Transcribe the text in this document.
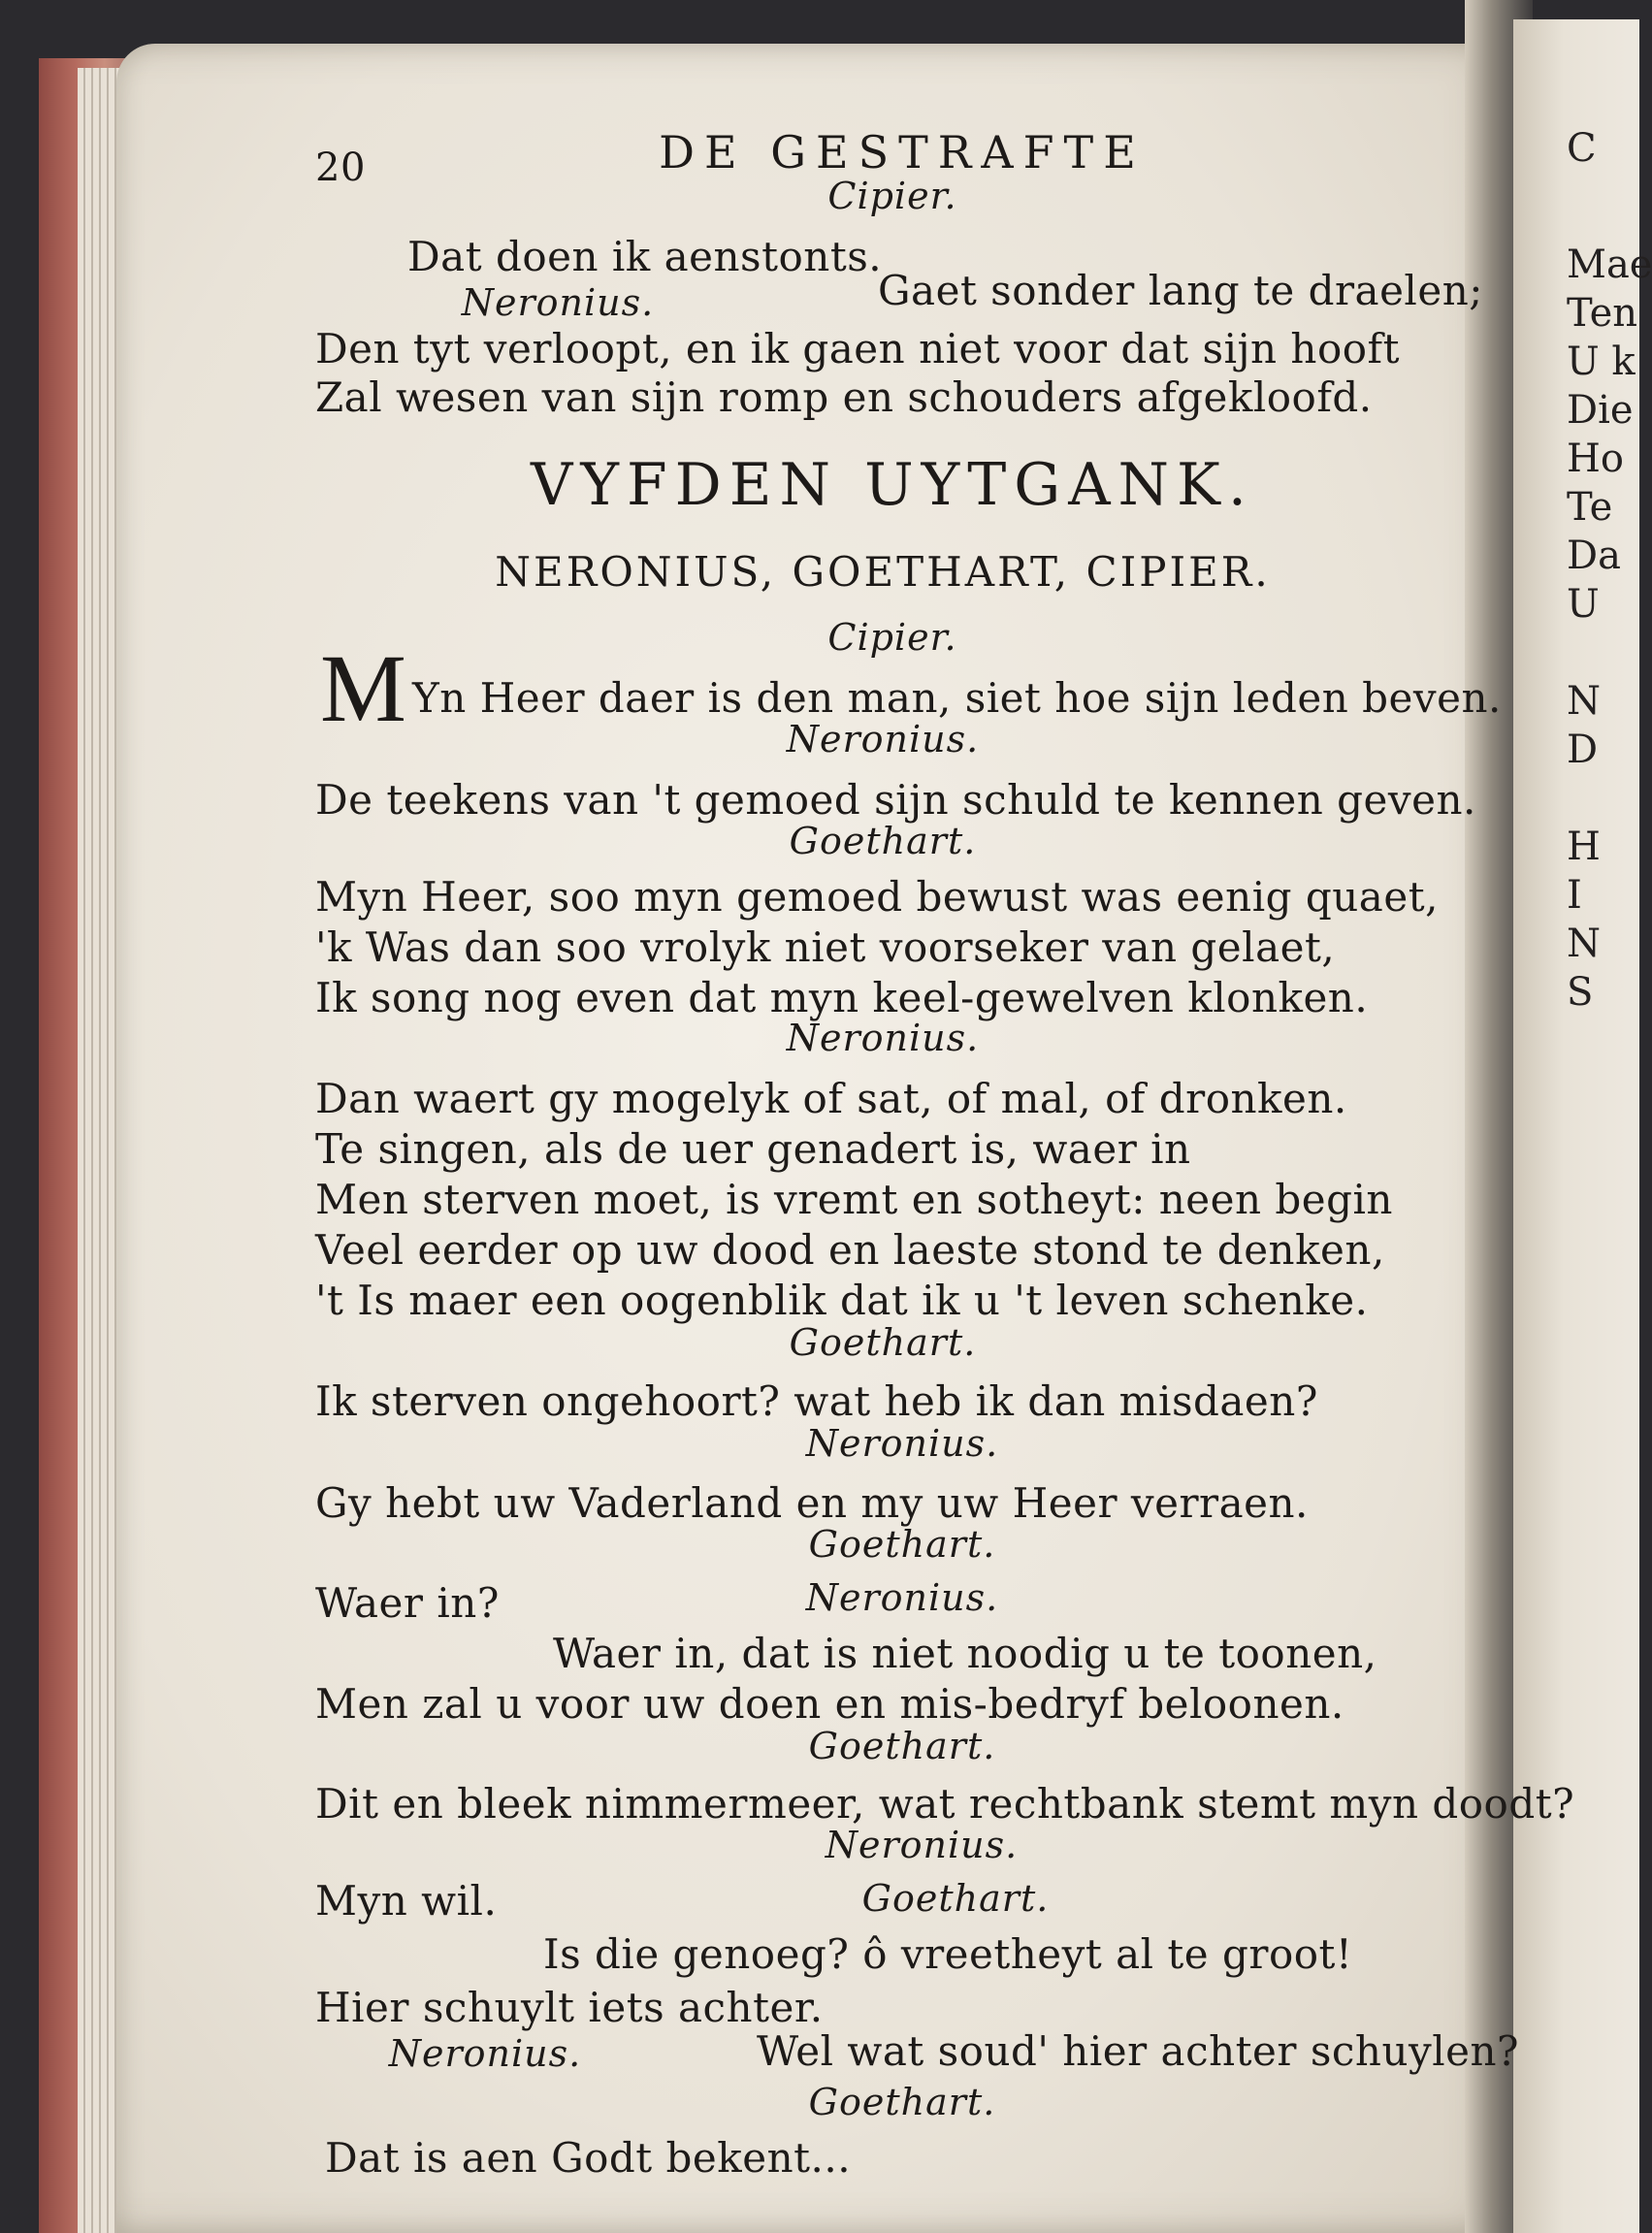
C
Mae
Ten
U k
Die
Ho
Te
Da
U
N
D
H
I
N
S
20	DE GESTRAFTE
VYFDEN UYTGANK.
NERONIUS, GOETHART, CIPIER.
M
Cipier.
Dat doen ik aenstonts.
Neronius.	Gaet sonder lang te draelen;
Den tyt verloopt, en ik gaen niet voor dat sijn hooft
Zal wesen van sijn romp en schouders afgekloofd.
Cipier.
Yn Heer daer is den man, siet hoe sijn leden beven.
Neronius.
De teekens van 't gemoed sijn schuld te kennen geven.
Goethart.
Myn Heer, soo myn gemoed bewust was eenig quaet,
'k Was dan soo vrolyk niet voorseker van gelaet,
Ik song nog even dat myn keel-gewelven klonken.
Neronius.
Dan waert gy mogelyk of sat, of mal, of dronken.
Te singen, als de uer genadert is, waer in
Men sterven moet, is vremt en sotheyt: neen begin
Veel eerder op uw dood en laeste stond te denken,
't Is maer een oogenblik dat ik u 't leven schenke.
Goethart.
Ik sterven ongehoort? wat heb ik dan misdaen?
Neronius.
Gy hebt uw Vaderland en my uw Heer verraen.
Goethart.
Waer in?	Neronius.
Waer in, dat is niet noodig u te toonen,
Men zal u voor uw doen en mis-bedryf beloonen.
Goethart.
Dit en bleek nimmermeer, wat rechtbank stemt myn doodt?
Neronius.
Myn wil.	Goethart.
Is die genoeg? ô vreetheyt al te groot!
Hier schuylt iets achter.
Neronius.	Wel wat soud' hier achter schuylen?
Goethart.
Dat is aen Godt bekent...
